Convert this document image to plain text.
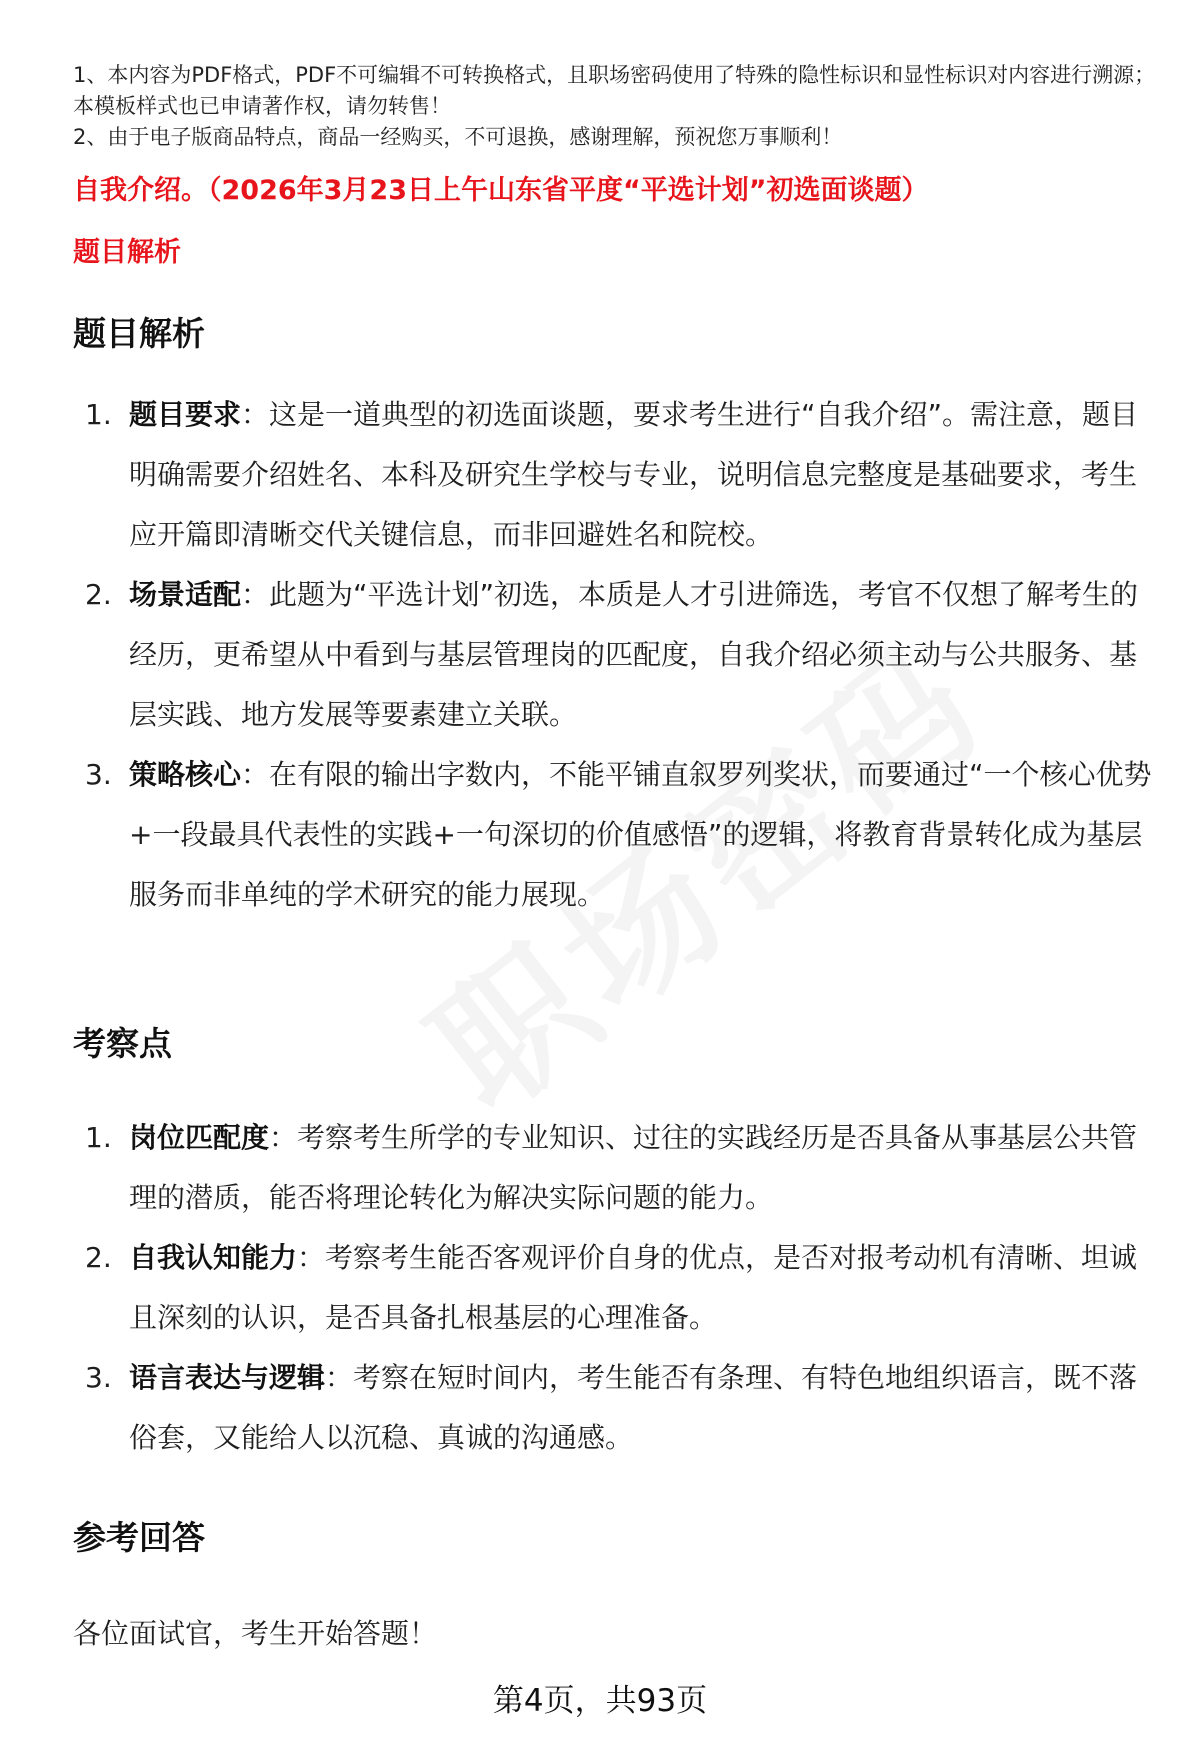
1、本内容为PDF格式，PDF不可编辑不可转换格式，且职场密码使用了特殊的隐性标识和显性标识对内容进行溯源；本模板样式也已申请著作权，请勿转售！

2、由于电子版商品特点，商品一经购买，不可退换，感谢理解，预祝您万事顺利！

自我介绍。（2026年3月23日上午山东省平度“平选计划”初选面谈题）
题目解析
题目解析
1. 题目要求：这是一道典型的初选面谈题，要求考生进行“自我介绍”。需注意，题目明确需要介绍姓名、本科及研究生学校与专业，说明信息完整度是基础要求，考生应开篇即清晰交代关键信息，而非回避姓名和院校。
2. 场景适配：此题为“平选计划”初选，本质是人才引进筛选，考官不仅想了解考生的经历，更希望从中看到与基层管理岗的匹配度，自我介绍必须主动与公共服务、基层实践、地方发展等要素建立关联。
3. 策略核心：在有限的输出字数内，不能平铺直叙罗列奖状，而要通过“一个核心优势+一段最具代表性的实践+一句深切的价值感悟”的逻辑，将教育背景转化成为基层服务而非单纯的学术研究的能力展现。
考察点
1. 岗位匹配度：考察考生所学的专业知识、过往的实践经历是否具备从事基层公共管理的潜质，能否将理论转化为解决实际问题的能力。
2. 自我认知能力：考察考生能否客观评价自身的优点，是否对报考动机有清晰、坦诚且深刻的认识，是否具备扎根基层的心理准备。
3. 语言表达与逻辑：考察在短时间内，考生能否有条理、有特色地组织语言，既不落俗套，又能给人以沉稳、真诚的沟通感。
参考回答
各位面试官，考生开始答题！
第4页，共93页
